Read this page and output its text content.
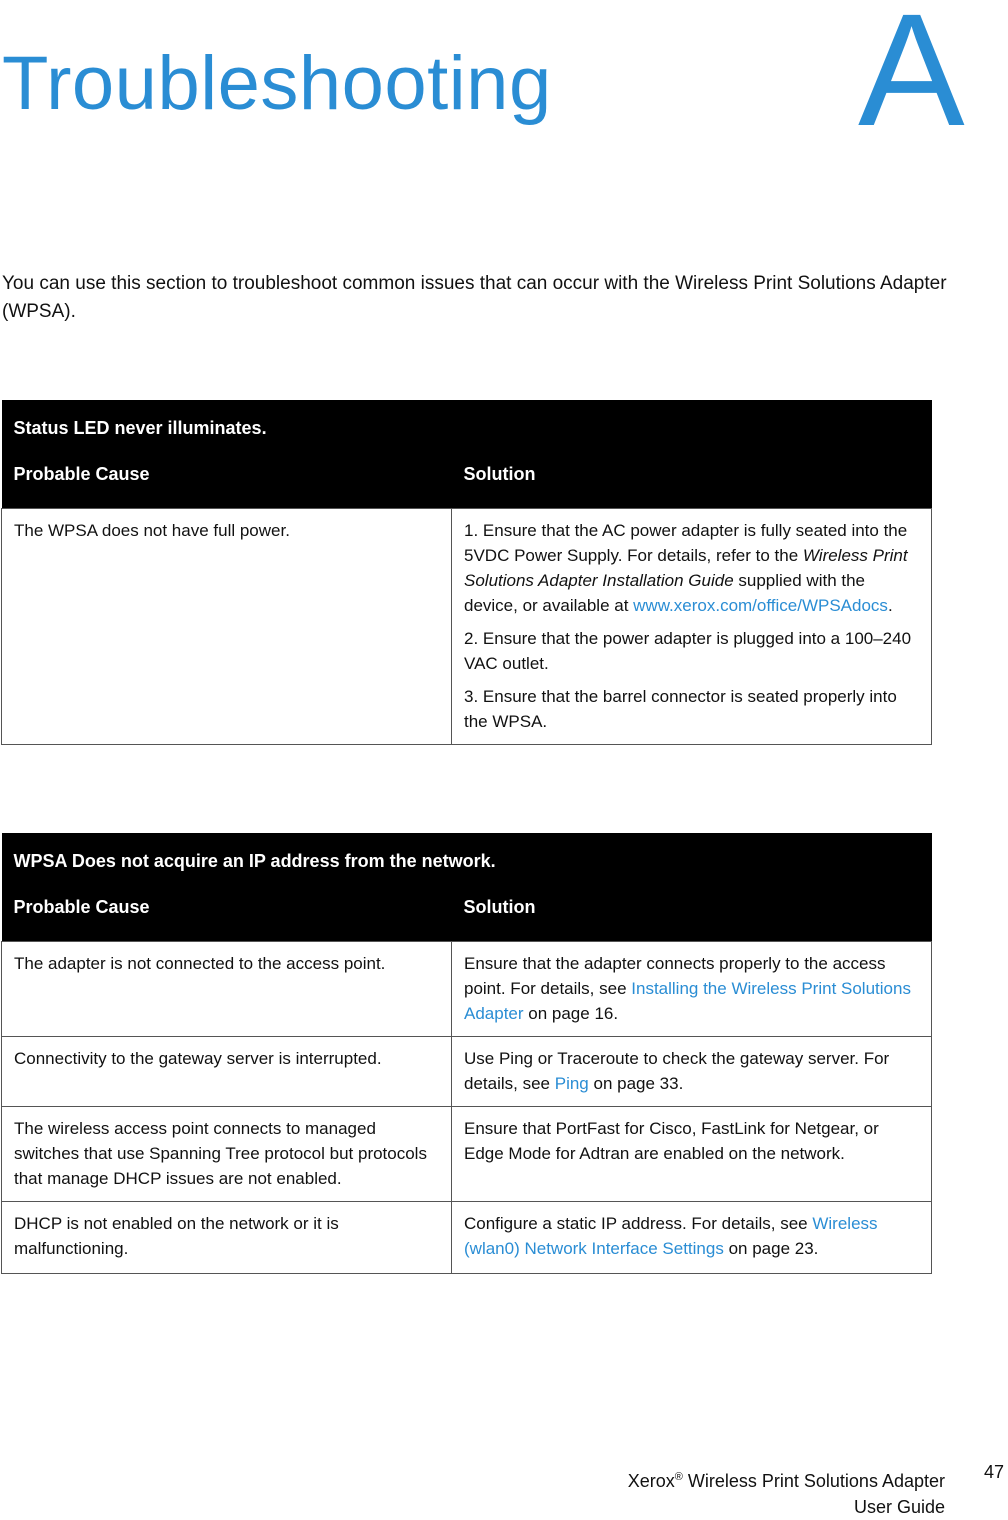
Troubleshooting A
You can use this section to troubleshoot common issues that can occur with the Wireless Print Solutions Adapter (WPSA).
Status LED never illuminates.	
Probable Cause	Solution
The WPSA does not have full power.	1. Ensure that the AC power adapter is fully seated into the 5VDC Power Supply. For details, refer to the Wireless Print Solutions Adapter Installation Guide supplied with the device, or available at www.xerox.com/office/WPSAdocs.

2. Ensure that the power adapter is plugged into a 100–240 VAC outlet.

3. Ensure that the barrel connector is seated properly into the WPSA.

WPSA Does not acquire an IP address from the network.	
Probable Cause	Solution
The adapter is not connected to the access point.	Ensure that the adapter connects properly to the access point. For details, see Installing the Wireless Print Solutions Adapter on page 16.
Connectivity to the gateway server is interrupted.	Use Ping or Traceroute to check the gateway server. For details, see Ping on page 33.
The wireless access point connects to managed switches that use Spanning Tree protocol but protocols that manage DHCP issues are not enabled.	Ensure that PortFast for Cisco, FastLink for Netgear, or Edge Mode for Adtran are enabled on the network.
DHCP is not enabled on the network or it is malfunctioning.	Configure a static IP address. For details, see Wireless (wlan0) Network Interface Settings on page 23.
Xerox® Wireless Print Solutions Adapter
User Guide
47
